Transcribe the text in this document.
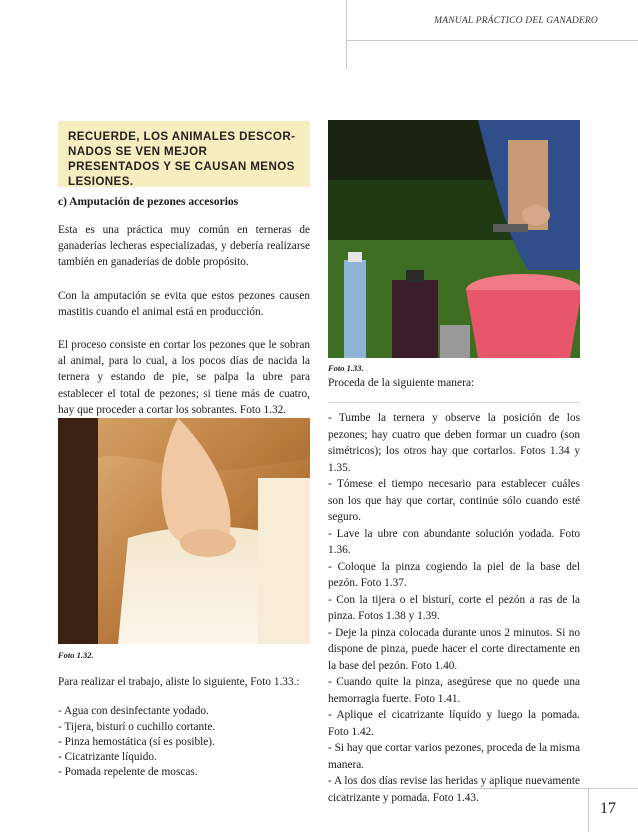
MANUAL PRÁCTICO DEL GANADERO

RECUERDE, LOS ANIMALES DESCOR-NADOS SE VEN MEJOR PRESENTADOS Y SE CAUSAN MENOS LESIONES.

c) Amputación de pezones accesorios

Esta es una práctica muy común en terneras de ganaderías lecheras especializadas, y debería realizarse también en ganaderías de doble propósito.

Con la amputación se evita que estos pezones causen mastitis cuando el animal está en producción.

El proceso consiste en cortar los pezones que le sobran al animal, para lo cual, a los pocos días de nacida la ternera y estando de pie, se palpa la ubre para establecer el total de pezones; si tiene más de cuatro, hay que proceder a cortar los sobrantes. Foto 1.32.

Foto 1.32.

Para realizar el trabajo, aliste lo siguiente, Foto 1.33.:

- Agua con desinfectante yodado.
- Tijera, bisturí o cuchillo cortante.
- Pinza hemostática (sí es posible).
- Cicatrizante líquido.
- Pomada repelente de moscas.
Foto 1.33.

Proceda de la siguiente manera:

- Tumbe la ternera y observe la posición de los pezones; hay cuatro que deben formar un cuadro (son simétricos); los otros hay que cortarlos. Fotos 1.34 y 1.35.

- Tómese el tiempo necesario para establecer cuáles son los que hay que cortar, continúe sólo cuando esté seguro.

- Lave la ubre con abundante solución yodada. Foto 1.36.

- Coloque la pinza cogiendo la piel de la base del pezón. Foto 1.37.

- Con la tijera o el bisturí, corte el pezón a ras de la pinza. Fotos 1.38 y 1.39.

- Deje la pinza colocada durante unos 2 minutos. Si no dispone de pinza, puede hacer el corte directamente en la base del pezón. Foto 1.40.

- Cuando quite la pinza, asegúrese que no quede una hemorragia fuerte. Foto 1.41.

- Aplique el cicatrizante líquido y luego la pomada. Foto 1.42.

- Si hay que cortar varios pezones, proceda de la misma manera.

- A los dos días revise las heridas y aplique nuevamente cicatrizante y pomada. Foto 1.43.

17
